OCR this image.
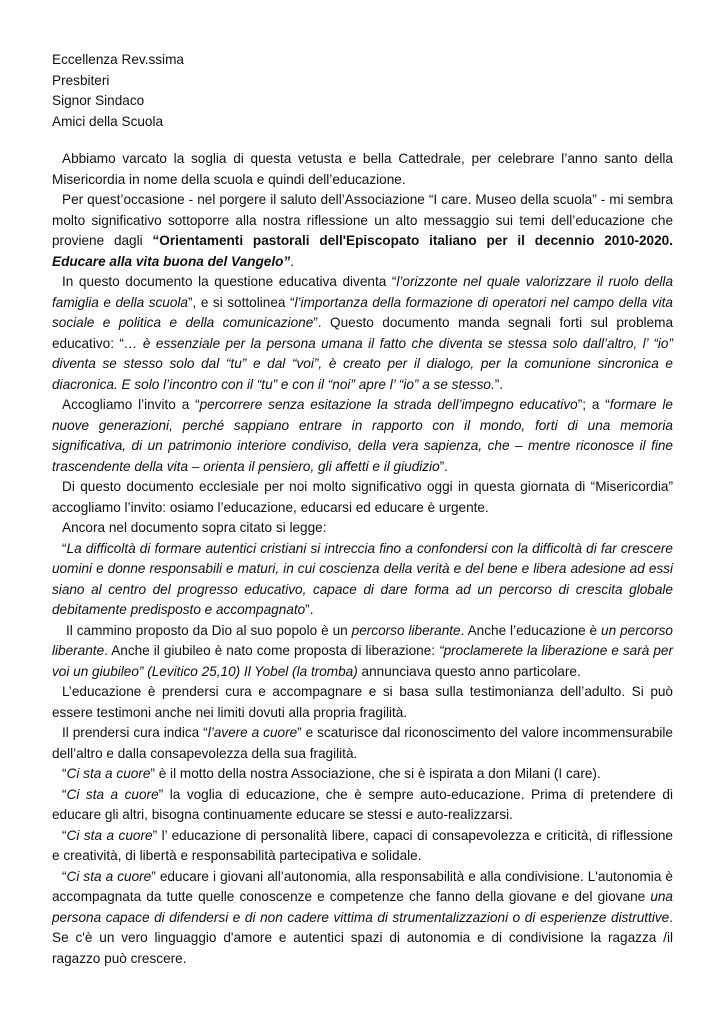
Eccellenza Rev.ssima

Presbiteri

Signor Sindaco

Amici della Scuola

Abbiamo varcato la soglia di questa vetusta e bella Cattedrale, per celebrare l’anno santo della Misericordia in nome della scuola e quindi dell’educazione.

Per quest’occasione - nel porgere il saluto dell’Associazione “I care. Museo della scuola” - mi sembra molto significativo sottoporre alla nostra riflessione un alto messaggio sui temi dell’educazione che proviene dagli “Orientamenti pastorali dell'Episcopato italiano per il decennio 2010-2020. Educare alla vita buona del Vangelo”.

In questo documento la questione educativa diventa “l’orizzonte nel quale valorizzare il ruolo della famiglia e della scuola”, e si sottolinea “l’importanza della formazione di operatori nel campo della vita sociale e politica e della comunicazione”. Questo documento manda segnali forti sul problema educativo: “… è essenziale per la persona umana il fatto che diventa se stessa solo dall’altro, l’ “io” diventa se stesso solo dal “tu” e dal “voi”, è creato per il dialogo, per la comunione sincronica e diacronica. E solo l’incontro con il “tu” e con il “noi” apre l’ “io” a se stesso.”.

Accogliamo l’invito a “percorrere senza esitazione la strada dell’impegno educativo”; a “formare le nuove generazioni, perché sappiano entrare in rapporto con il mondo, forti di una memoria significativa, di un patrimonio interiore condiviso, della vera sapienza, che – mentre riconosce il fine trascendente della vita – orienta il pensiero, gli affetti e il giudizio”.

Di questo documento ecclesiale per noi molto significativo oggi in questa giornata di “Misericordia” accogliamo l’invito: osiamo l’educazione, educarsi ed educare è urgente.

Ancora nel documento sopra citato si legge:

“La difficoltà di formare autentici cristiani si intreccia fino a confondersi con la difficoltà di far crescere uomini e donne responsabili e maturi, in cui coscienza della verità e del bene e libera adesione ad essi siano al centro del progresso educativo, capace di dare forma ad un percorso di crescita globale debitamente predisposto e accompagnato”.

Il cammino proposto da Dio al suo popolo è un percorso liberante. Anche l’educazione è un percorso liberante. Anche il giubileo è nato come proposta di liberazione: “proclamerete la liberazione e sarà per voi un giubileo” (Levitico 25,10) Il Yobel (la tromba) annunciava questo anno particolare.

L’educazione è prendersi cura e accompagnare e si basa sulla testimonianza dell’adulto. Si può essere testimoni anche nei limiti dovuti alla propria fragilità.

Il prendersi cura indica “l’avere a cuore” e scaturisce dal riconoscimento del valore incommensurabile dell’altro e dalla consapevolezza della sua fragilità.

“Ci sta a cuore” è il motto della nostra Associazione, che si è ispirata a don Milani (I care).

“Ci sta a cuore” la voglia di educazione, che è sempre auto-educazione. Prima di pretendere di educare gli altri, bisogna continuamente educare se stessi e auto-realizzarsi.

“Ci sta a cuore” l’ educazione di personalità libere, capaci di consapevolezza e criticità, di riflessione e creatività, di libertà e responsabilità partecipativa e solidale.

“Ci sta a cuore” educare i giovani all’autonomia, alla responsabilità e alla condivisione. L'autonomia è accompagnata da tutte quelle conoscenze e competenze che fanno della giovane e del giovane una persona capace di difendersi e di non cadere vittima di strumentalizzazioni o di esperienze distruttive. Se c'è un vero linguaggio d'amore e autentici spazi di autonomia e di condivisione la ragazza /il ragazzo può crescere.
